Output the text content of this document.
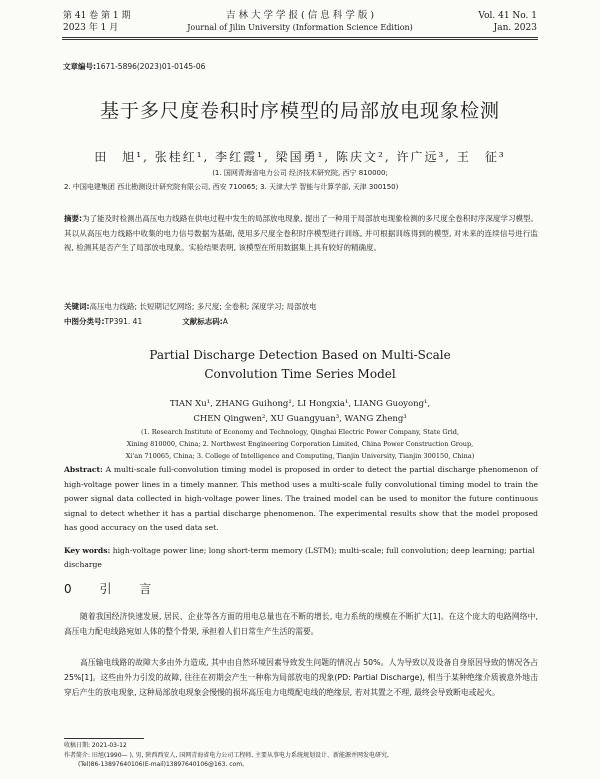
第 41 卷 第 1 期
2023 年 1 月
吉 林 大 学 学 报 ( 信 息 科 学 版 )
Journal of Jilin University (Information Science Edition)
Vol. 41 No. 1
Jan. 2023
文章编号:1671-5896(2023)01-0145-06
基于多尺度卷积时序模型的局部放电现象检测
田　旭¹, 张桂红¹, 李红霞¹, 梁国勇¹, 陈庆文², 许广远³, 王　征³
(1. 国网青海省电力公司 经济技术研究院, 西宁 810000;
2. 中国电建集团 西北勘测设计研究院有限公司, 西安 710065; 3. 天津大学 智能与计算学部, 天津 300150)
摘要:为了能及时检测出高压电力线路在供电过程中发生的局部放电现象, 提出了一种用于局部放电现象检测的多尺度全卷积时序深度学习模型。其以从高压电力线路中收集的电力信号数据为基础, 使用多尺度全卷积时序模型进行训练, 并可根据训练得到的模型, 对未来的连续信号进行监视, 检测其是否产生了局部放电现象。实验结果表明, 该模型在所用数据集上具有较好的精确度。
关键词:高压电力线路; 长短期记忆网络; 多尺度; 全卷积; 深度学习; 局部放电
中图分类号:TP391. 41	文献标志码:A
Partial Discharge Detection Based on Multi-Scale
Convolution Time Series Model
TIAN Xu¹, ZHANG Guihong¹, LI Hongxia¹, LIANG Guoyong¹,
CHEN Qingwen², XU Guangyuan³, WANG Zheng³
(1. Research Institute of Economy and Technology, Qinghai Electric Power Company, State Grid,
Xining 810000, China; 2. Northwest Engineering Corporation Limited, China Power Construction Group,
Xi'an 710065, China; 3. College of Intelligence and Computing, Tianjin University, Tianjin 300150, China)
Abstract: A multi-scale full-convolution timing model is proposed in order to detect the partial discharge phenomenon of high-voltage power lines in a timely manner. This method uses a multi-scale fully convolutional timing model to train the power signal data collected in high-voltage power lines. The trained model can be used to monitor the future continuous signal to detect whether it has a partial discharge phenomenon. The experimental results show that the model proposed has good accuracy on the used data set.
Key words: high-voltage power line; long short-term memory (LSTM); multi-scale; full convolution; deep learning; partial discharge
0 引 言
随着我国经济快速发展, 居民、企业等各方面的用电总量也在不断的增长, 电力系统的规模在不断扩大[1]。在这个庞大的电路网络中, 高压电力配电线路宛如人体的整个骨架, 承担着人们日常生产生活的需要。
高压输电线路的故障大多由外力造成, 其中由自然环境因素导致发生问题的情况占 50%。人为导致以及设备自身原因导致的情况各占 25%[1]。这些由外力引发的故障, 往往在初期会产生一种称为局部放电的现象(PD: Partial Discharge), 相当于某种绝缘介质被意外地击穿后产生的放电现象, 这种局部放电现象会慢慢的损坏高压电力电缆配电线的绝缘层, 若对其置之不理, 最终会导致断电或起火。
收稿日期: 2021-03-12
作者简介: 田旭(1990— ), 男, 陕西西安人, 国网青海省电力公司工程师, 主要从事电力系统规划设计、新能源并网发电研究,
(Tel)86-13897640106(E-mail)13897640106@163. com。
